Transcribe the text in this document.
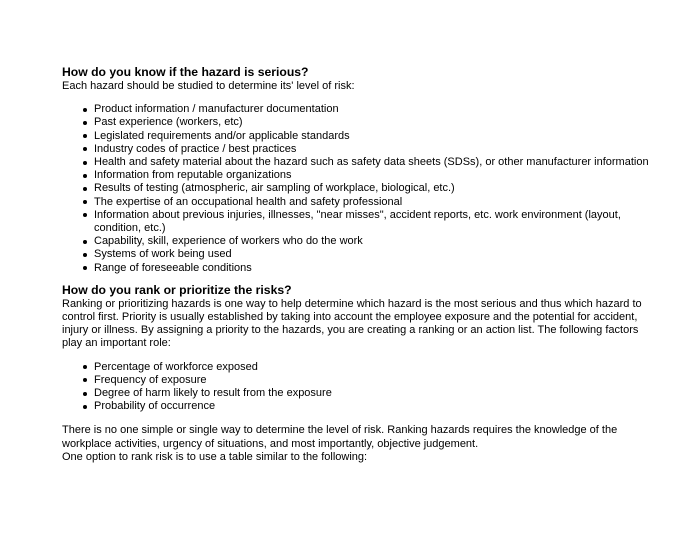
How do you know if the hazard is serious?

Each hazard should be studied to determine its' level of risk:

Product information / manufacturer documentation
Past experience (workers, etc)
Legislated requirements and/or applicable standards
Industry codes of practice / best practices
Health and safety material about the hazard such as safety data sheets (SDSs), or other manufacturer information
Information from reputable organizations
Results of testing (atmospheric, air sampling of workplace, biological, etc.)
The expertise of an occupational health and safety professional
Information about previous injuries, illnesses, "near misses", accident reports, etc. work environment (layout, condition, etc.)
Capability, skill, experience of workers who do the work
Systems of work being used
Range of foreseeable conditions
How do you rank or prioritize the risks?

Ranking or prioritizing hazards is one way to help determine which hazard is the most serious and thus which hazard to control first. Priority is usually established by taking into account the employee exposure and the potential for accident, injury or illness. By assigning a priority to the hazards, you are creating a ranking or an action list. The following factors play an important role:

Percentage of workforce exposed
Frequency of exposure
Degree of harm likely to result from the exposure
Probability of occurrence

There is no one simple or single way to determine the level of risk. Ranking hazards requires the knowledge of the workplace activities, urgency of situations, and most importantly, objective judgement.

One option to rank risk is to use a table similar to the following:
